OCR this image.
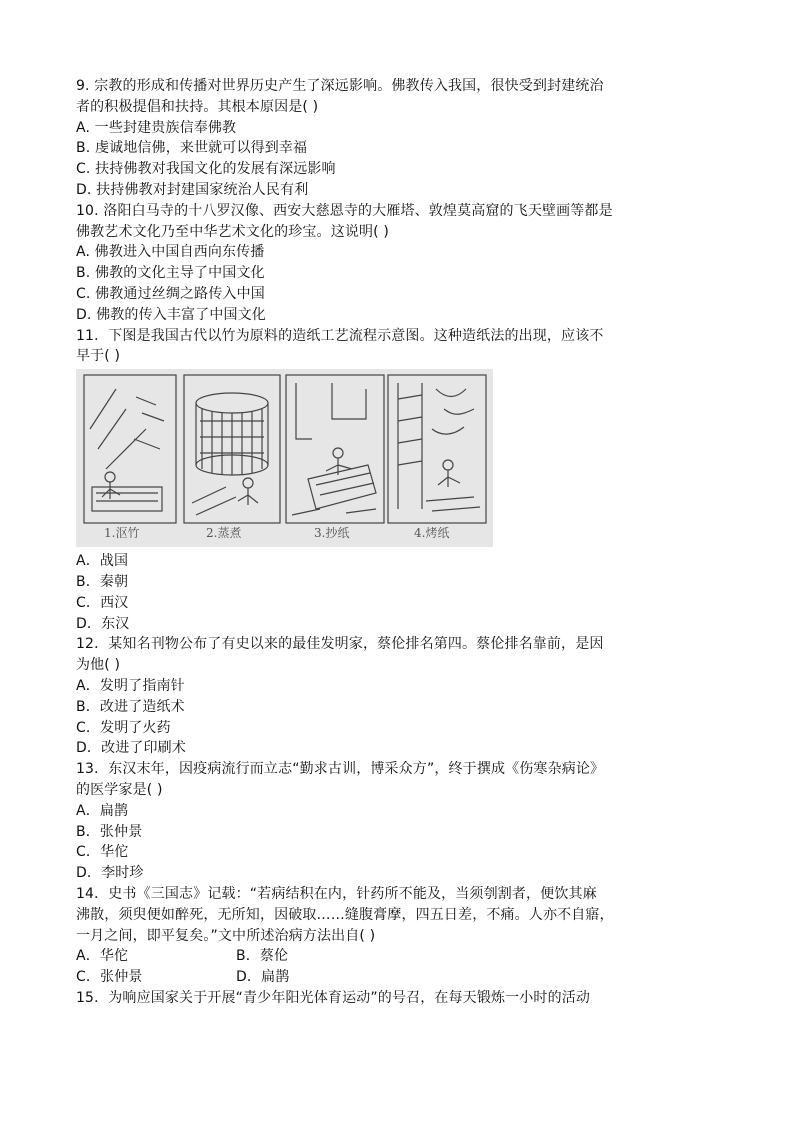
9. 宗教的形成和传播对世界历史产生了深远影响。佛教传入我国，很快受到封建统治
者的积极提倡和扶持。其根本原因是( )
A. 一些封建贵族信奉佛教
B. 虔诚地信佛，来世就可以得到幸福
C. 扶持佛教对我国文化的发展有深远影响
D. 扶持佛教对封建国家统治人民有利
10. 洛阳白马寺的十八罗汉像、西安大慈恩寺的大雁塔、敦煌莫高窟的飞天壁画等都是
佛教艺术文化乃至中华艺术文化的珍宝。这说明( )
A. 佛教进入中国自西向东传播
B. 佛教的文化主导了中国文化
C. 佛教通过丝绸之路传入中国
D. 佛教的传入丰富了中国文化
11．下图是我国古代以竹为原料的造纸工艺流程示意图。这种造纸法的出现，应该不
早于( )
1.沤竹	2.蒸煮	3.抄纸	4.烤纸
A．战国
B．秦朝
C．西汉
D．东汉
12．某知名刊物公布了有史以来的最佳发明家，蔡伦排名第四。蔡伦排名靠前，是因
为他( )
A．发明了指南针
B．改进了造纸术
C．发明了火药
D．改进了印刷术
13．东汉末年，因疫病流行而立志“勤求古训，博采众方”，终于撰成《伤寒杂病论》
的医学家是( )
A．扁鹊
B．张仲景
C．华佗
D．李时珍
14．史书《三国志》记载：“若病结积在内，针药所不能及，当须刳割者，便饮其麻
沸散，须臾便如醉死，无所知，因破取……缝腹膏摩，四五日差，不痛。人亦不自寤，
一月之间，即平复矣。”文中所述治病方法出自( )
A．华佗	B．蔡伦
C．张仲景	D．扁鹊
15．为响应国家关于开展“青少年阳光体育运动”的号召，在每天锻炼一小时的活动
